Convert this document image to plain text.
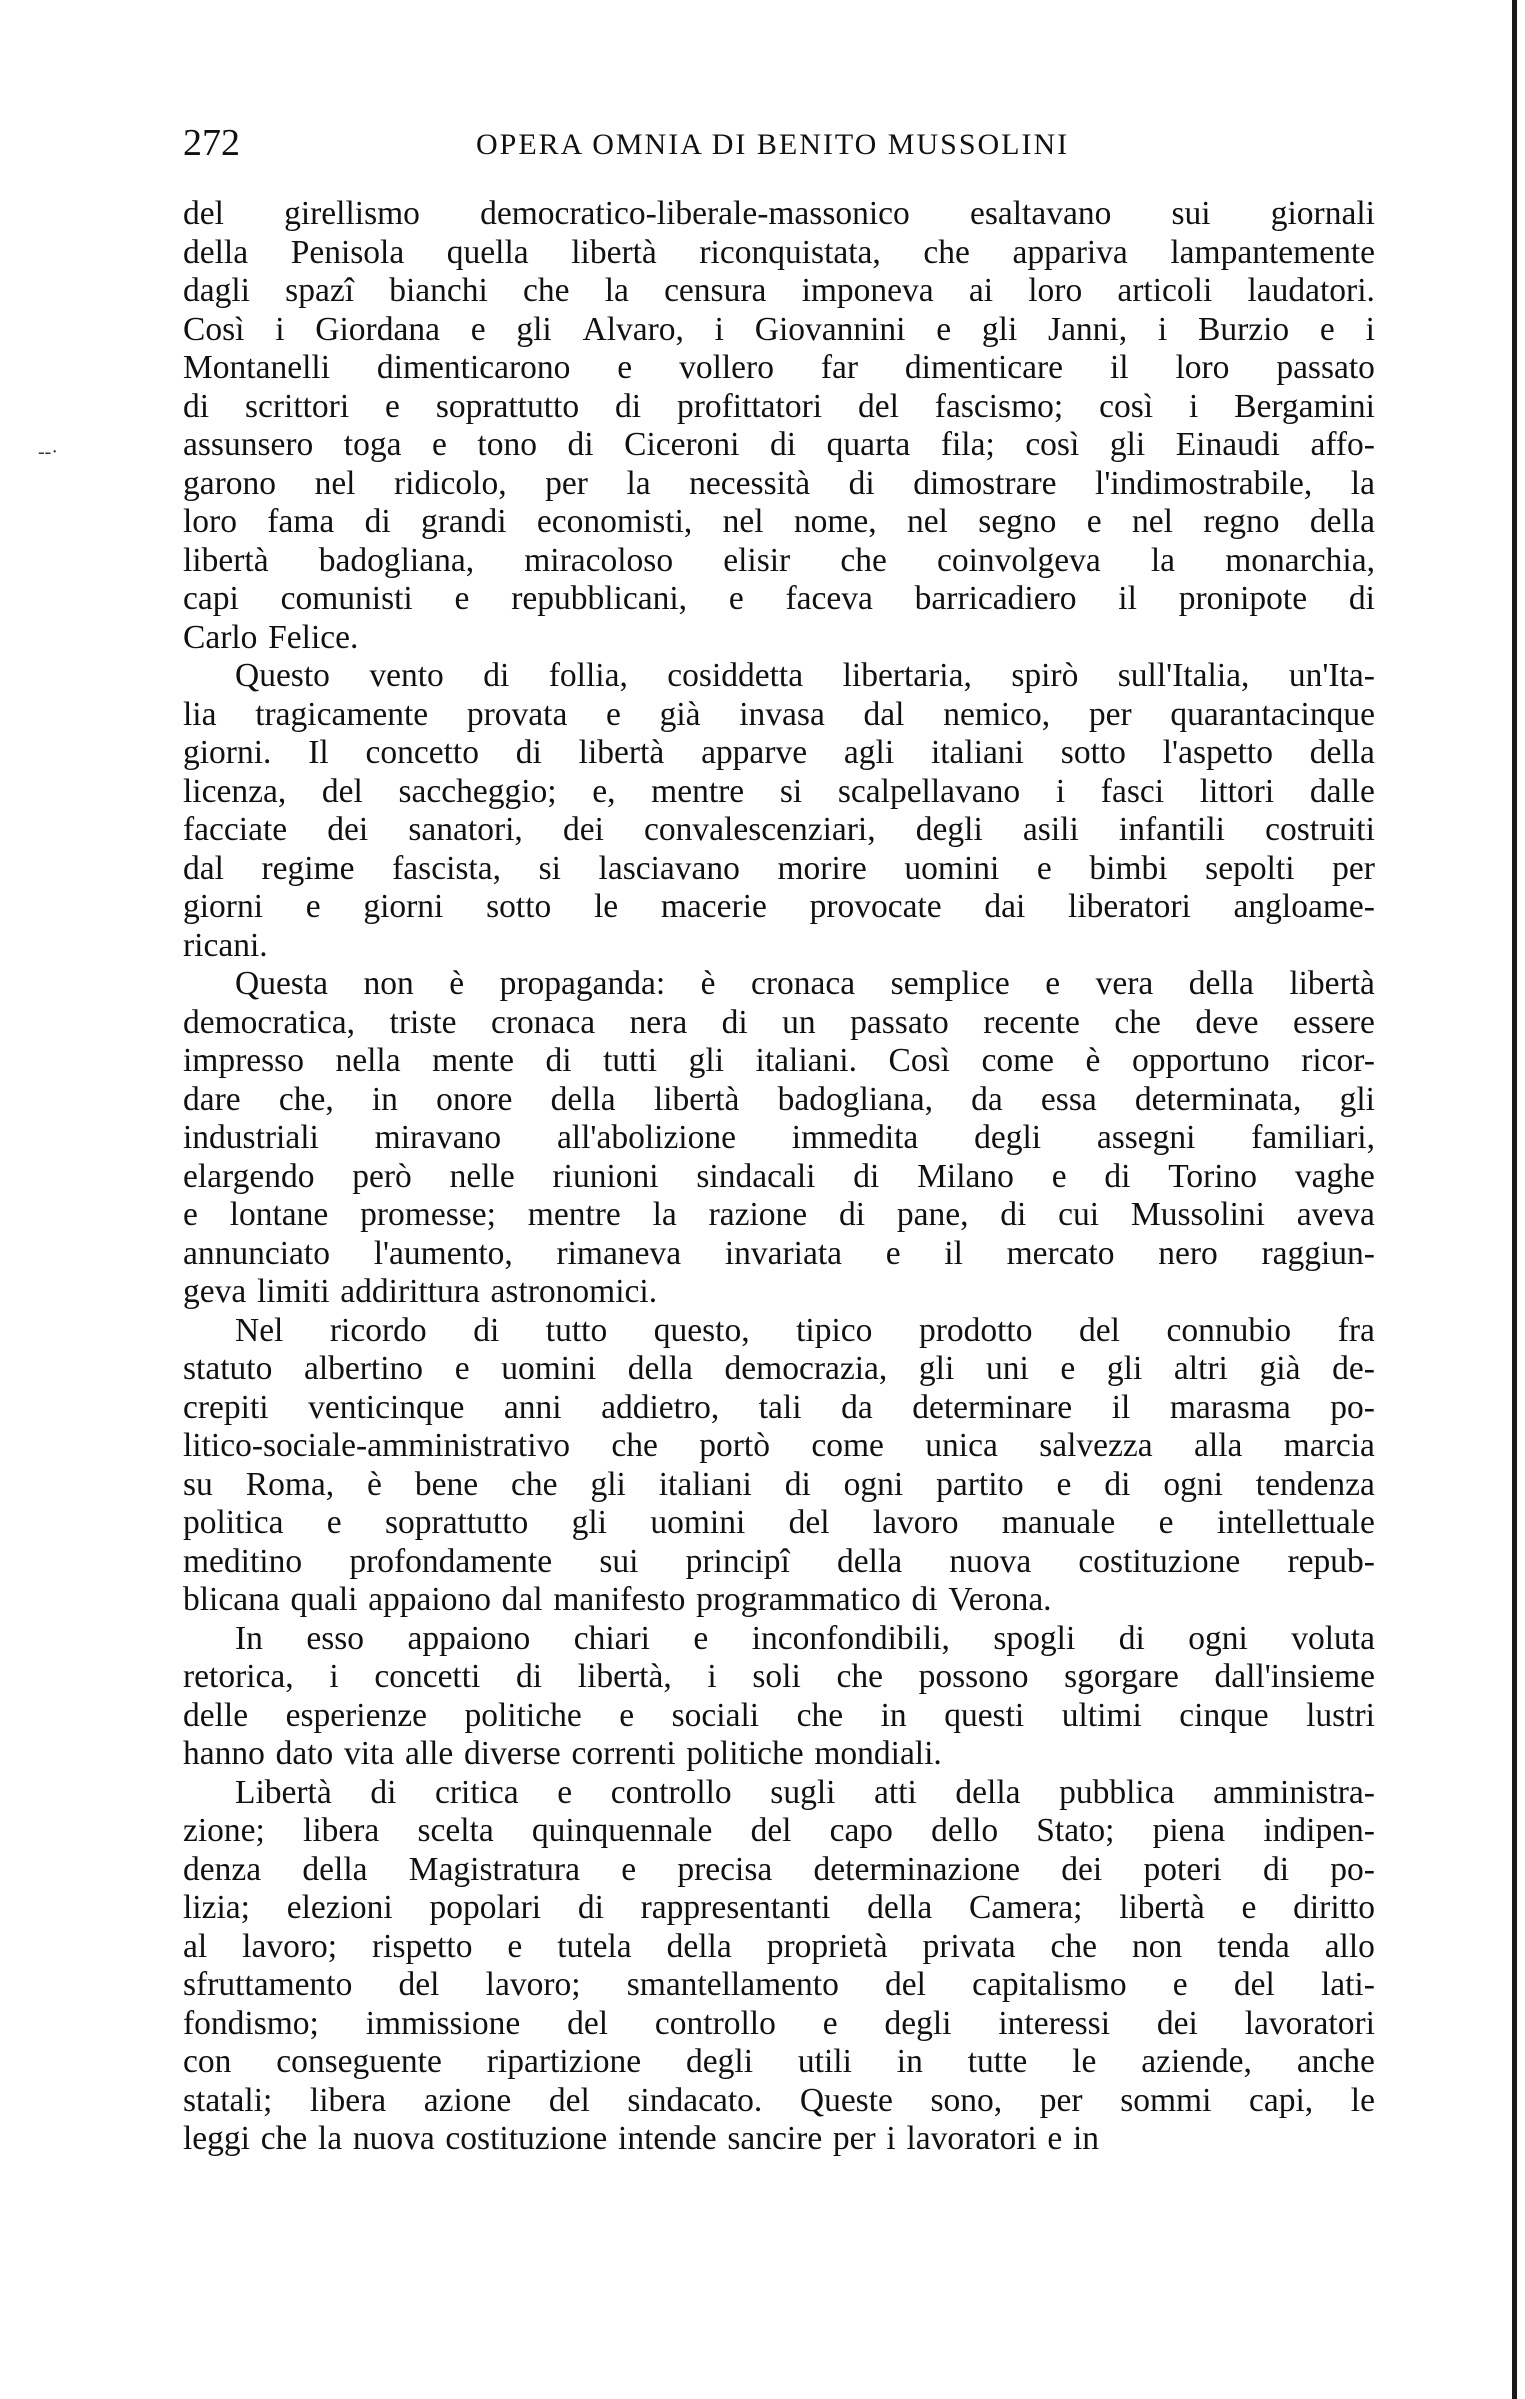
272	OPERA OMNIA DI BENITO MUSSOLINI
--·
del girellismo democratico-liberale-massonico esaltavano sui giornali
della Penisola quella libertà riconquistata, che appariva lampantemente
dagli spazî bianchi che la censura imponeva ai loro articoli laudatori.
Così i Giordana e gli Alvaro, i Giovannini e gli Janni, i Burzio e i
Montanelli dimenticarono e vollero far dimenticare il loro passato
di scrittori e soprattutto di profittatori del fascismo; così i Bergamini
assunsero toga e tono di Ciceroni di quarta fila; così gli Einaudi affo-
garono nel ridicolo, per la necessità di dimostrare l'indimostrabile, la
loro fama di grandi economisti, nel nome, nel segno e nel regno della
libertà badogliana, miracoloso elisir che coinvolgeva la monarchia,
capi comunisti e repubblicani, e faceva barricadiero il pronipote di
Carlo Felice.
Questo vento di follia, cosiddetta libertaria, spirò sull'Italia, un'Ita-
lia tragicamente provata e già invasa dal nemico, per quarantacinque
giorni. Il concetto di libertà apparve agli italiani sotto l'aspetto della
licenza, del saccheggio; e, mentre si scalpellavano i fasci littori dalle
facciate dei sanatori, dei convalescenziari, degli asili infantili costruiti
dal regime fascista, si lasciavano morire uomini e bimbi sepolti per
giorni e giorni sotto le macerie provocate dai liberatori angloame-
ricani.
Questa non è propaganda: è cronaca semplice e vera della libertà
democratica, triste cronaca nera di un passato recente che deve essere
impresso nella mente di tutti gli italiani. Così come è opportuno ricor-
dare che, in onore della libertà badogliana, da essa determinata, gli
industriali miravano all'abolizione immedita degli assegni familiari,
elargendo però nelle riunioni sindacali di Milano e di Torino vaghe
e lontane promesse; mentre la razione di pane, di cui Mussolini aveva
annunciato l'aumento, rimaneva invariata e il mercato nero raggiun-
geva limiti addirittura astronomici.
Nel ricordo di tutto questo, tipico prodotto del connubio fra
statuto albertino e uomini della democrazia, gli uni e gli altri già de-
crepiti venticinque anni addietro, tali da determinare il marasma po-
litico-sociale-amministrativo che portò come unica salvezza alla marcia
su Roma, è bene che gli italiani di ogni partito e di ogni tendenza
politica e soprattutto gli uomini del lavoro manuale e intellettuale
meditino profondamente sui principî della nuova costituzione repub-
blicana quali appaiono dal manifesto programmatico di Verona.
In esso appaiono chiari e inconfondibili, spogli di ogni voluta
retorica, i concetti di libertà, i soli che possono sgorgare dall'insieme
delle esperienze politiche e sociali che in questi ultimi cinque lustri
hanno dato vita alle diverse correnti politiche mondiali.
Libertà di critica e controllo sugli atti della pubblica amministra-
zione; libera scelta quinquennale del capo dello Stato; piena indipen-
denza della Magistratura e precisa determinazione dei poteri di po-
lizia; elezioni popolari di rappresentanti della Camera; libertà e diritto
al lavoro; rispetto e tutela della proprietà privata che non tenda allo
sfruttamento del lavoro; smantellamento del capitalismo e del lati-
fondismo; immissione del controllo e degli interessi dei lavoratori
con conseguente ripartizione degli utili in tutte le aziende, anche
statali; libera azione del sindacato. Queste sono, per sommi capi, le
leggi che la nuova costituzione intende sancire per i lavoratori e in
